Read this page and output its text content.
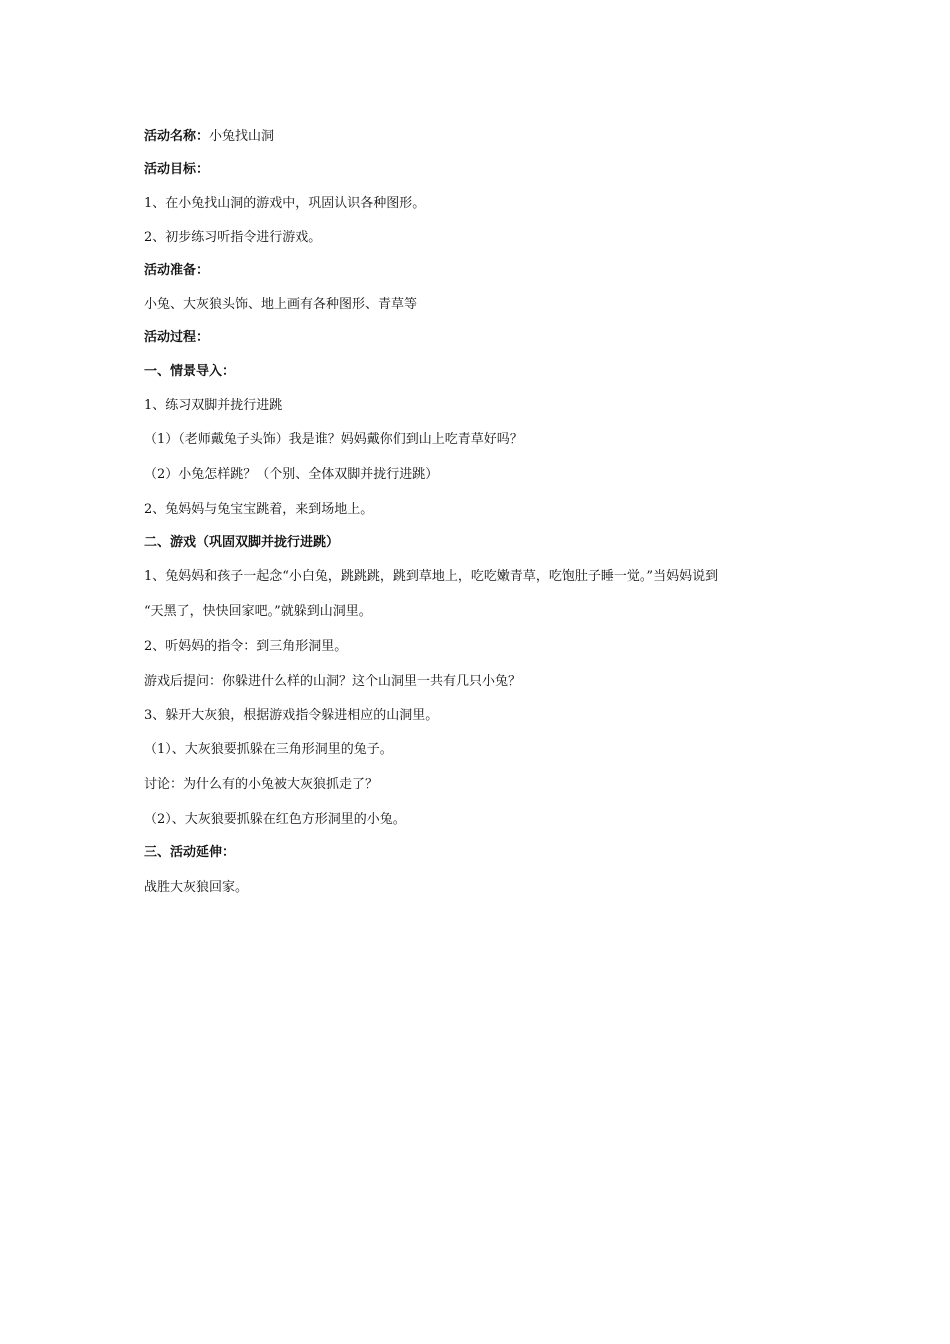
活动名称：小兔找山洞
活动目标：
1、在小兔找山洞的游戏中，巩固认识各种图形。
2、初步练习听指令进行游戏。
活动准备：
小兔、大灰狼头饰、地上画有各种图形、青草等
活动过程：
一、情景导入：
1、练习双脚并拢行进跳
（1）（老师戴兔子头饰）我是谁？妈妈戴你们到山上吃青草好吗？
（2）小兔怎样跳？（个别、全体双脚并拢行进跳）
2、兔妈妈与兔宝宝跳着，来到场地上。
二、游戏（巩固双脚并拢行进跳）
1、兔妈妈和孩子一起念“小白兔，跳跳跳，跳到草地上，吃吃嫩青草，吃饱肚子睡一觉。”当妈妈说到
“天黑了，快快回家吧。”就躲到山洞里。
2、听妈妈的指令：到三角形洞里。
游戏后提问：你躲进什么样的山洞？这个山洞里一共有几只小兔？
3、躲开大灰狼，根据游戏指令躲进相应的山洞里。
（1）、大灰狼要抓躲在三角形洞里的兔子。
讨论：为什么有的小兔被大灰狼抓走了？
（2）、大灰狼要抓躲在红色方形洞里的小兔。
三、活动延伸：
战胜大灰狼回家。
